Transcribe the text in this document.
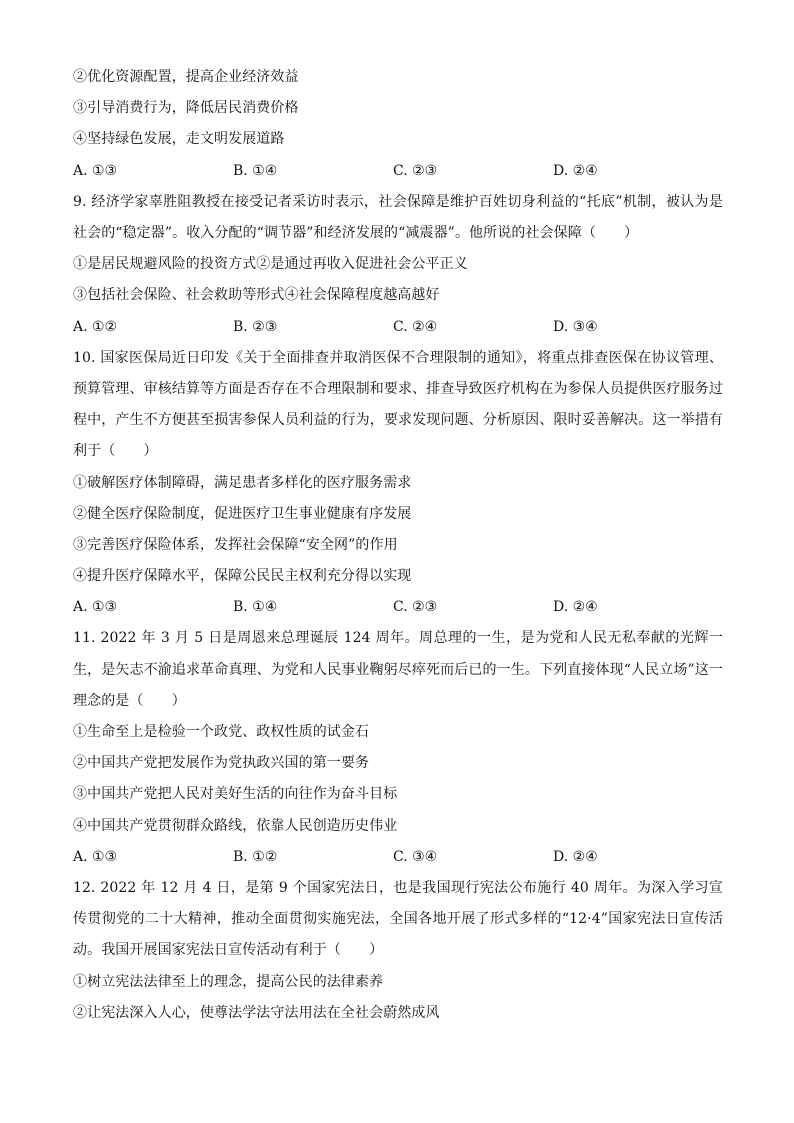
②优化资源配置，提高企业经济效益
③引导消费行为，降低居民消费价格
④坚持绿色发展，走文明发展道路
A. ①③	B. ①④	C. ②③	D. ②④
9. 经济学家辜胜阻教授在接受记者采访时表示，社会保障是维护百姓切身利益的“托底”机制，被认为是社会的“稳定器”。收入分配的“调节器”和经济发展的“减震器”。他所说的社会保障（　　）
①是居民规避风险的投资方式②是通过再收入促进社会公平正义
③包括社会保险、社会救助等形式④社会保障程度越高越好
A. ①②	B. ②③	C. ②④	D. ③④
10. 国家医保局近日印发《关于全面排查并取消医保不合理限制的通知》，将重点排查医保在协议管理、预算管理、审核结算等方面是否存在不合理限制和要求、排查导致医疗机构在为参保人员提供医疗服务过程中，产生不方便甚至损害参保人员利益的行为，要求发现问题、分析原因、限时妥善解决。这一举措有利于（　　）
①破解医疗体制障碍，满足患者多样化的医疗服务需求
②健全医疗保险制度，促进医疗卫生事业健康有序发展
③完善医疗保险体系，发挥社会保障“安全网”的作用
④提升医疗保障水平，保障公民民主权利充分得以实现
A. ①③	B. ①④	C. ②③	D. ②④
11. 2022 年 3 月 5 日是周恩来总理诞辰 124 周年。周总理的一生，是为党和人民无私奉献的光辉一生，是矢志不渝追求革命真理、为党和人民事业鞠躬尽瘁死而后已的一生。下列直接体现“人民立场”这一理念的是（　　）
①生命至上是检验一个政党、政权性质的试金石
②中国共产党把发展作为党执政兴国的第一要务
③中国共产党把人民对美好生活的向往作为奋斗目标
④中国共产党贯彻群众路线，依靠人民创造历史伟业
A. ①③	B. ①②	C. ③④	D. ②④
12. 2022 年 12 月 4 日，是第 9 个国家宪法日，也是我国现行宪法公布施行 40 周年。为深入学习宣传贯彻党的二十大精神，推动全面贯彻实施宪法，全国各地开展了形式多样的“12·4”国家宪法日宣传活动。我国开展国家宪法日宣传活动有利于（　　）
①树立宪法法律至上的理念，提高公民的法律素养
②让宪法深入人心，使尊法学法守法用法在全社会蔚然成风
